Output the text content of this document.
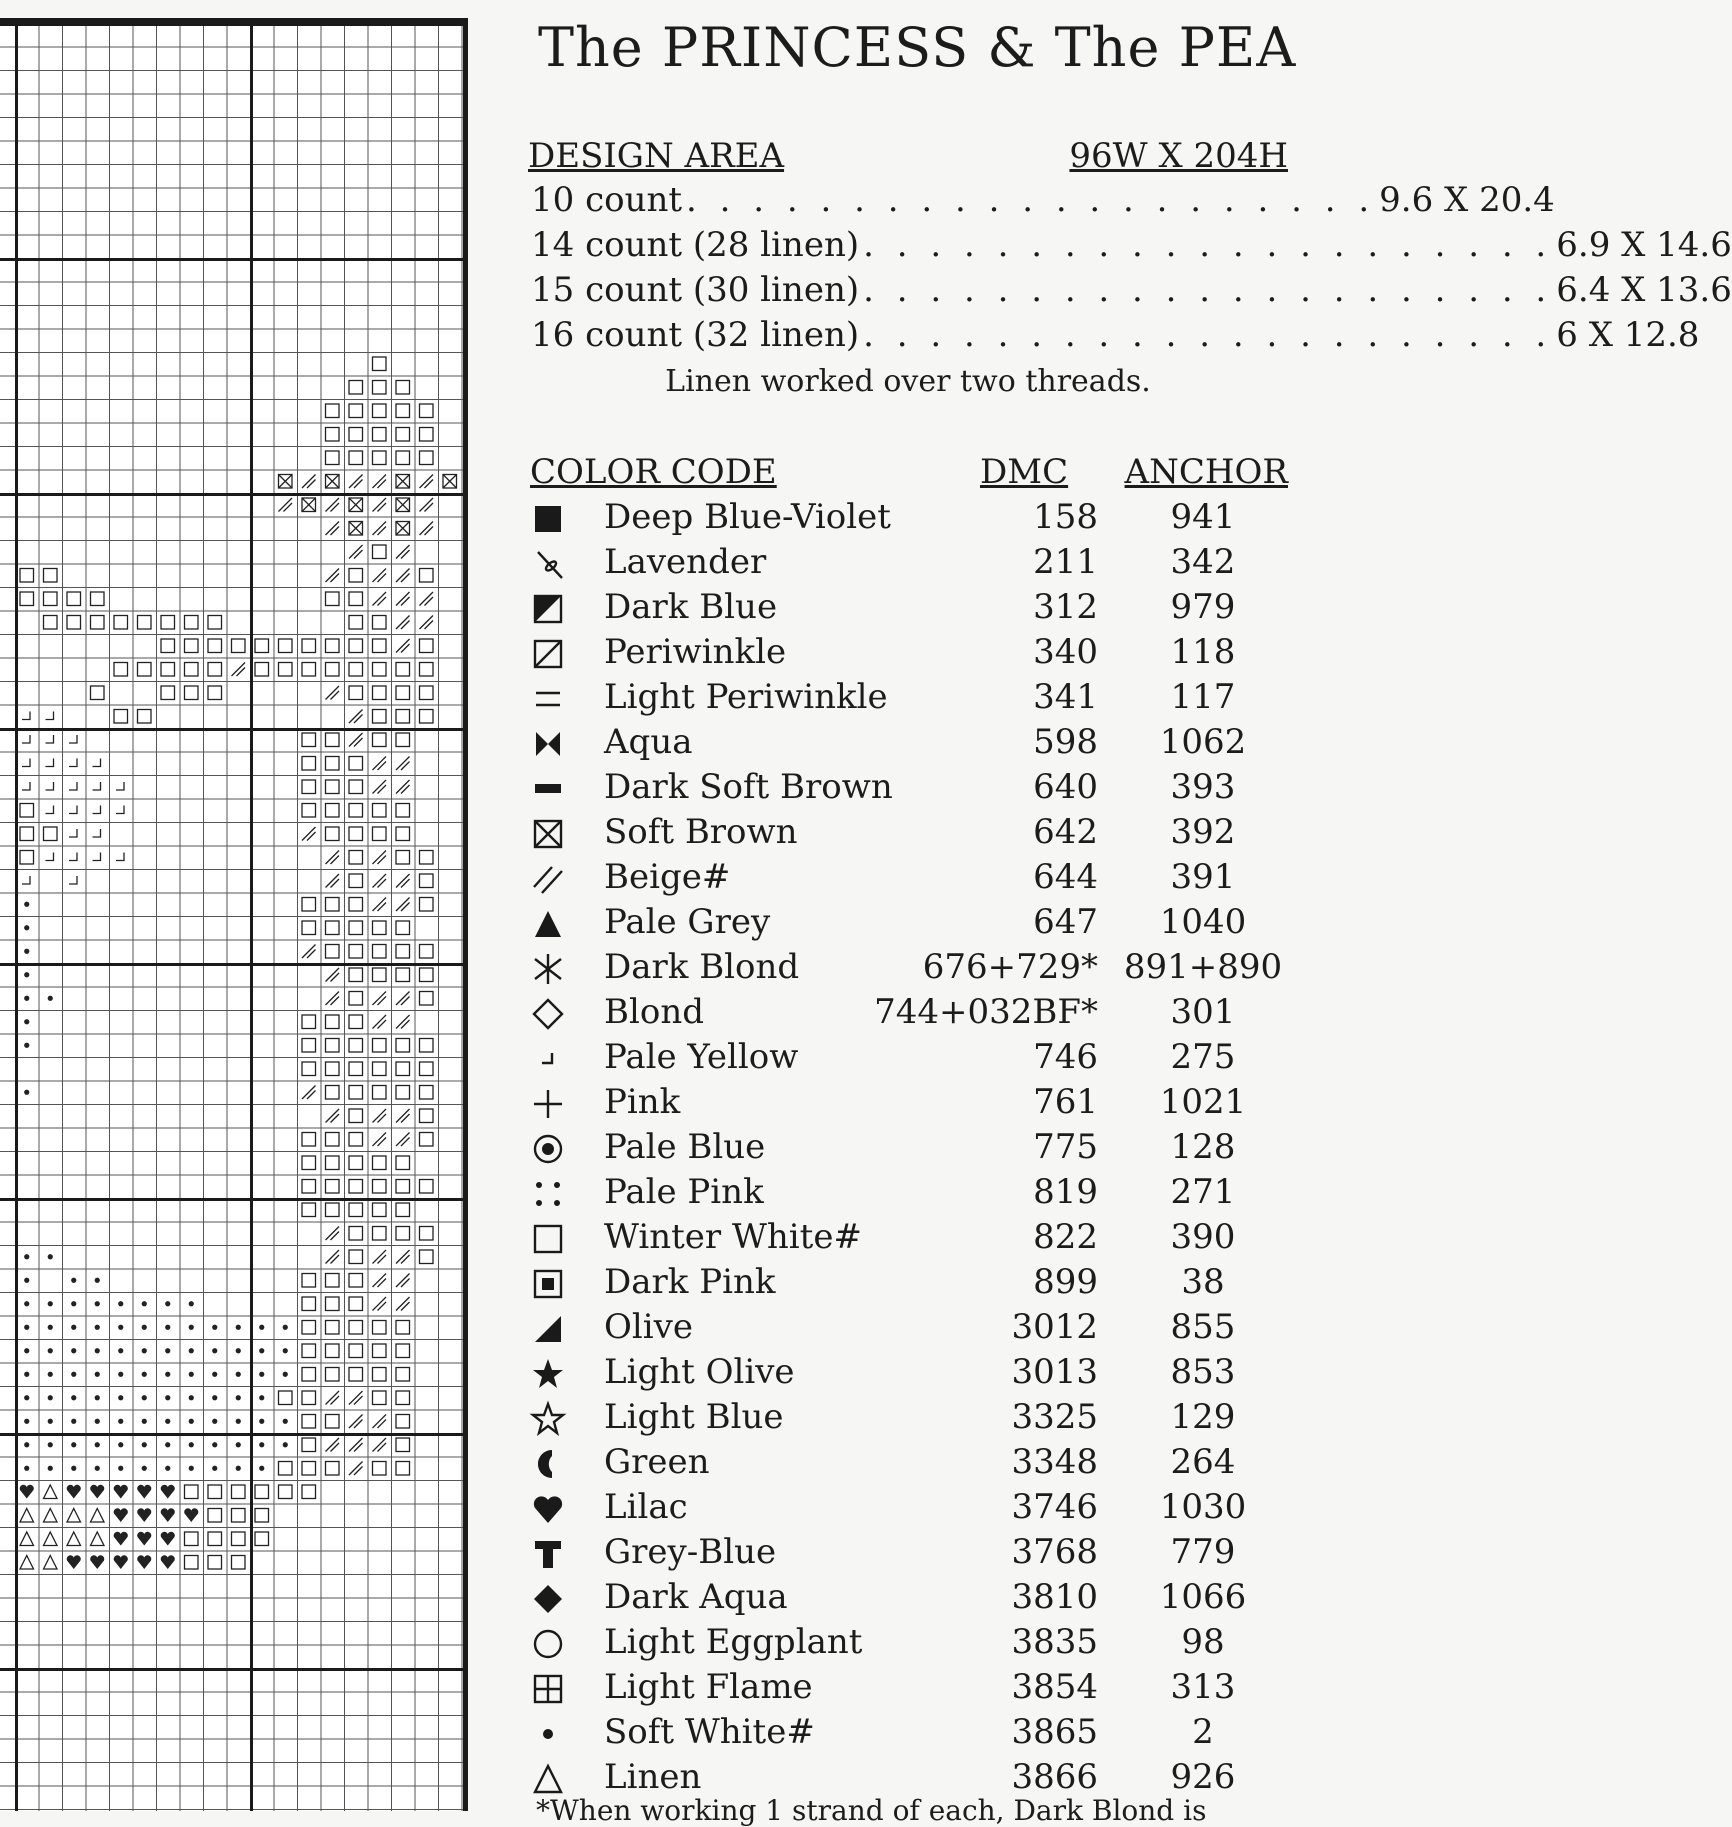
The PRINCESS & The PEA
DESIGN AREA	96W X 204H
10 count . . . . . . . . . . . . . . . . . . . . . 9.6 X 20.4
14 count (28 linen) . . . . . . . . . . . . . . . . . . . . . 6.9 X 14.6
15 count (30 linen) . . . . . . . . . . . . . . . . . . . . . 6.4 X 13.6
16 count (32 linen) . . . . . . . . . . . . . . . . . . . . . 6 X 12.8
Linen worked over two threads.
COLOR CODE	DMC ANCHOR
Deep Blue-Violet	158	941
Lavender	211	342
Dark Blue	312	979
Periwinkle	340	118
Light Periwinkle	341	117
Aqua	598	1062
Dark Soft Brown	640	393
Soft Brown	642	392
Beige#	644	391
Pale Grey	647	1040
Dark Blond	676+729* 891+890
Blond	744+032BF*	301
Pale Yellow	746	275
Pink	761	1021
Pale Blue	775	128
Pale Pink	819	271
Winter White#	822	390
Dark Pink	899	38
Olive	3012	855
Light Olive	3013	853
Light Blue	3325	129
Green	3348	264
Lilac	3746	1030
Grey-Blue	3768	779
Dark Aqua	3810	1066
Light Eggplant	3835	98
Light Flame	3854	313
Soft White#	3865	2
Linen	3866	926
*When working 1 strand of each, Dark Blond is
